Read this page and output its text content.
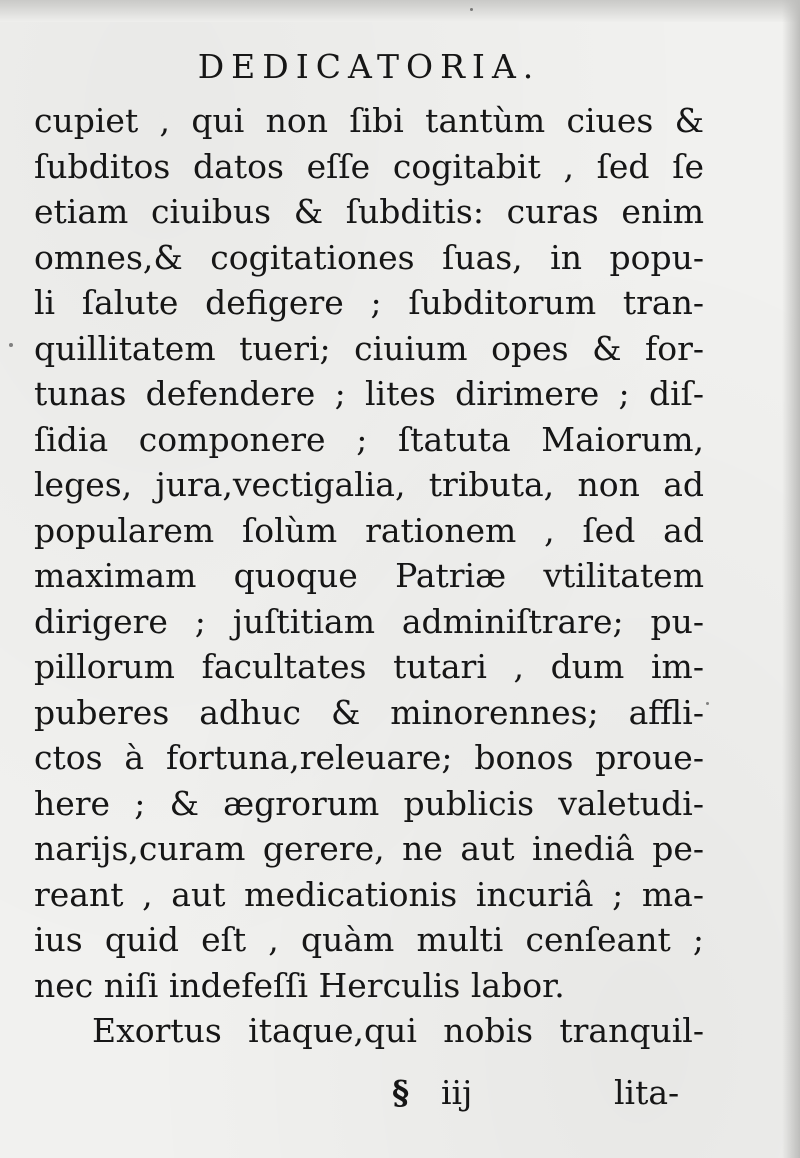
DEDICATORIA.
cupiet , qui non ſibi tantùm ciues &
ſubditos datos eſſe cogitabit , ſed ſe
etiam ciuibus & ſubditis: curas enim
omnes,& cogitationes ſuas, in popu-
li ſalute defigere ; ſubditorum tran-
quillitatem tueri; ciuium opes & for-
tunas defendere ; lites dirimere ; diſ-
ſidia componere ; ſtatuta Maiorum,
leges, jura,vectigalia, tributa, non ad
popularem ſolùm rationem , ſed ad
maximam quoque Patriæ vtilitatem
dirigere ; juſtitiam adminiſtrare; pu-
pillorum facultates tutari , dum im-
puberes adhuc & minorennes; affli-
ctos à fortuna,releuare; bonos proue-
here ; & ægrorum publicis valetudi-
narijs,curam gerere, ne aut inediâ pe-
reant , aut medicationis incuriâ ; ma-
ius quid eſt , quàm multi cenſeant ;
nec niſi indefeſſi Herculis labor.
Exortus itaque,qui nobis tranquil-
§ iij	lita-
